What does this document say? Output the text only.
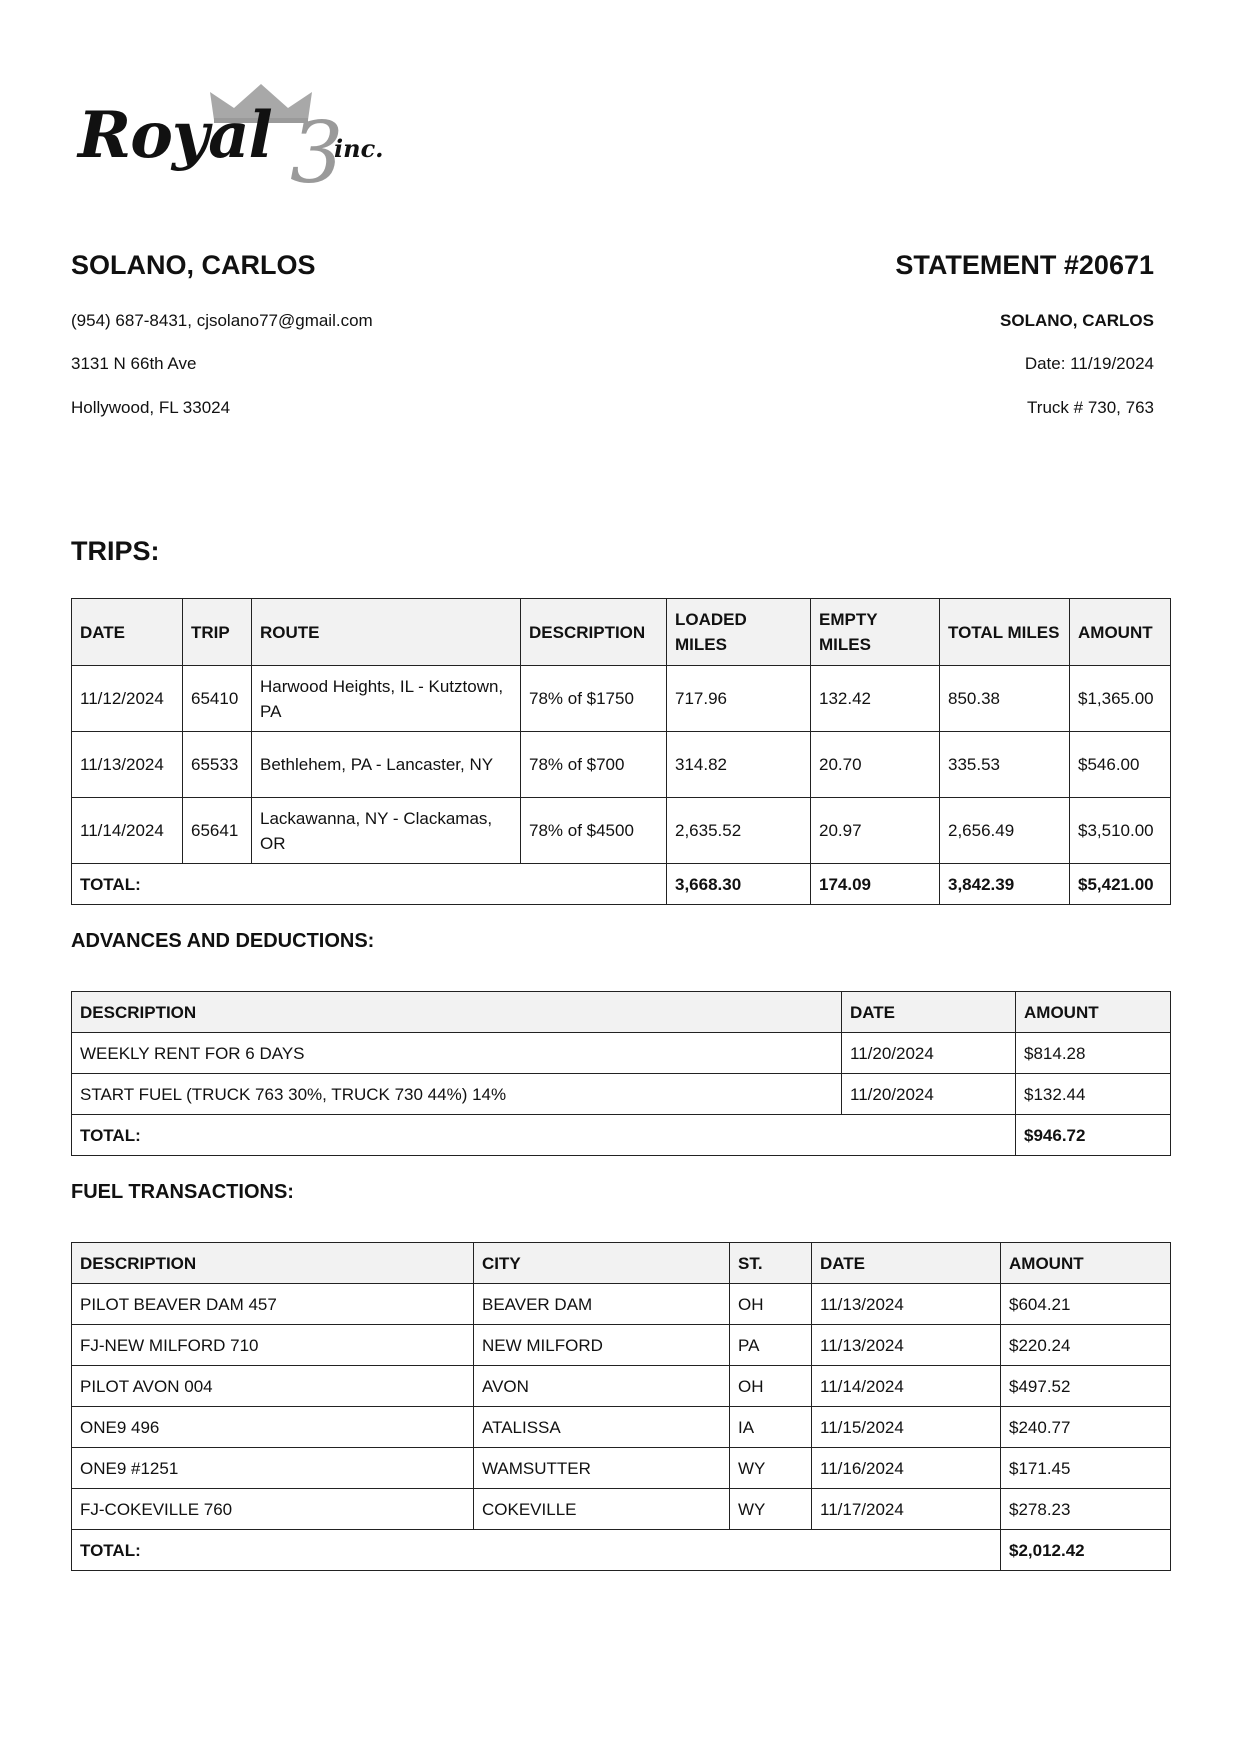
Royal 3
inc.
SOLANO, CARLOS
(954) 687-8431, cjsolano77@gmail.com
3131 N 66th Ave
Hollywood, FL 33024
STATEMENT #20671
SOLANO, CARLOS
Date: 11/19/2024
Truck # 730, 763
TRIPS:
DATE	TRIP	ROUTE	DESCRIPTION	LOADED MILES	EMPTY MILES	TOTAL MILES	AMOUNT
11/12/2024	65410	Harwood Heights, IL - Kutztown, PA	78% of $1750	717.96	132.42	850.38	$1,365.00
11/13/2024	65533	Bethlehem, PA - Lancaster, NY	78% of $700	314.82	20.70	335.53	$546.00
11/14/2024	65641	Lackawanna, NY - Clackamas, OR	78% of $4500	2,635.52	20.97	2,656.49	$3,510.00
TOTAL:				3,668.30	174.09	3,842.39	$5,421.00
ADVANCES AND DEDUCTIONS:
DESCRIPTION	DATE	AMOUNT
WEEKLY RENT FOR 6 DAYS	11/20/2024	$814.28
START FUEL (TRUCK 763 30%, TRUCK 730 44%) 14%	11/20/2024	$132.44
TOTAL:		$946.72
FUEL TRANSACTIONS:
DESCRIPTION	CITY	ST.	DATE	AMOUNT
PILOT BEAVER DAM 457	BEAVER DAM	OH	11/13/2024	$604.21
FJ-NEW MILFORD 710	NEW MILFORD	PA	11/13/2024	$220.24
PILOT AVON 004	AVON	OH	11/14/2024	$497.52
ONE9 496	ATALISSA	IA	11/15/2024	$240.77
ONE9 #1251	WAMSUTTER	WY	11/16/2024	$171.45
FJ-COKEVILLE 760	COKEVILLE	WY	11/17/2024	$278.23
TOTAL:				$2,012.42
